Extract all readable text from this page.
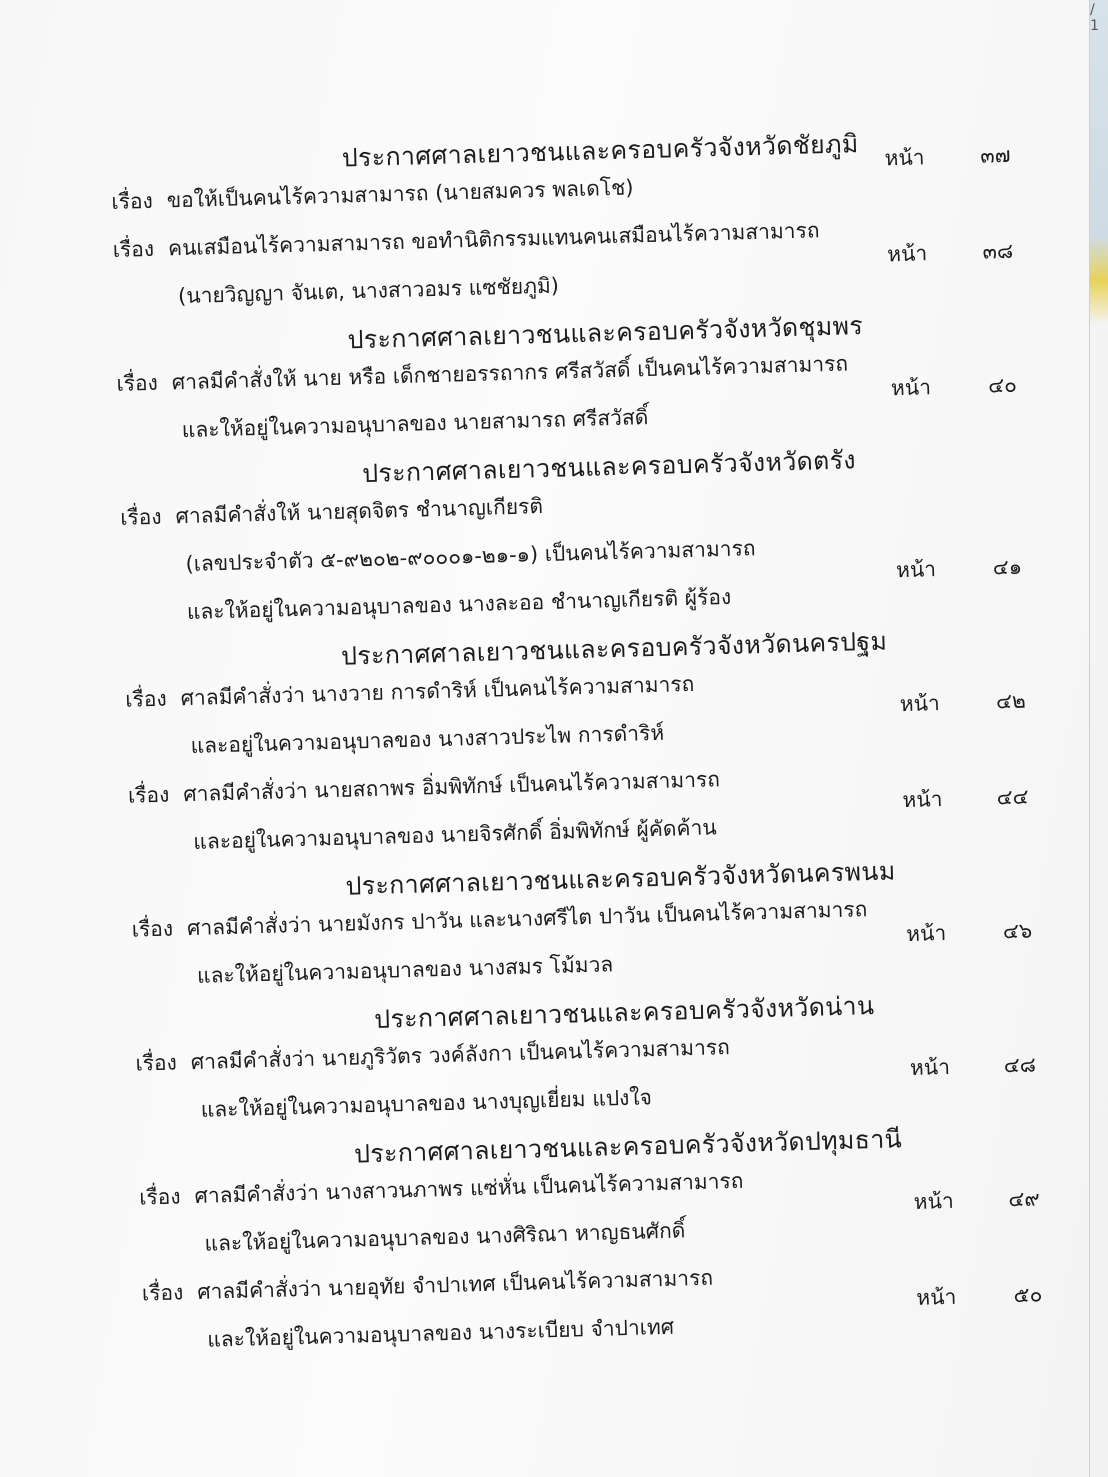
/ 1
ประกาศศาลเยาวชนและครอบครัวจังหวัดชัยภูมิ
เรื่อง ขอให้เป็นคนไร้ความสามารถ (นายสมควร พลเดโช)
หน้า	๓๗
เรื่อง คนเสมือนไร้ความสามารถ ขอทำนิติกรรมแทนคนเสมือนไร้ความสามารถ
(นายวิญญา จันเต, นางสาวอมร แซชัยภูมิ)
หน้า	๓๘
ประกาศศาลเยาวชนและครอบครัวจังหวัดชุมพร
เรื่อง ศาลมีคำสั่งให้ นาย หรือ เด็กชายอรรถากร ศรีสวัสดิ์ เป็นคนไร้ความสามารถ
และให้อยู่ในความอนุบาลของ นายสามารถ ศรีสวัสดิ์
หน้า	๔๐
ประกาศศาลเยาวชนและครอบครัวจังหวัดตรัง
เรื่อง ศาลมีคำสั่งให้ นายสุดจิตร ชำนาญเกียรติ
(เลขประจำตัว ๕-๙๒๐๒-๙๐๐๐๑-๒๑-๑) เป็นคนไร้ความสามารถ
และให้อยู่ในความอนุบาลของ นางละออ ชำนาญเกียรติ ผู้ร้อง
หน้า	๔๑
ประกาศศาลเยาวชนและครอบครัวจังหวัดนครปฐม
เรื่อง ศาลมีคำสั่งว่า นางวาย การดำริห์ เป็นคนไร้ความสามารถ
และอยู่ในความอนุบาลของ นางสาวประไพ การดำริห์
หน้า	๔๒
เรื่อง ศาลมีคำสั่งว่า นายสถาพร อิ่มพิทักษ์ เป็นคนไร้ความสามารถ
และอยู่ในความอนุบาลของ นายจิรศักดิ์ อิ่มพิทักษ์ ผู้คัดค้าน
หน้า	๔๔
ประกาศศาลเยาวชนและครอบครัวจังหวัดนครพนม
เรื่อง ศาลมีคำสั่งว่า นายมังกร ปาวัน และนางศรีไต ปาวัน เป็นคนไร้ความสามารถ
และให้อยู่ในความอนุบาลของ นางสมร โม้มวล
หน้า	๔๖
ประกาศศาลเยาวชนและครอบครัวจังหวัดน่าน
เรื่อง ศาลมีคำสั่งว่า นายภูริวัตร วงค์ลังกา เป็นคนไร้ความสามารถ
และให้อยู่ในความอนุบาลของ นางบุญเยี่ยม แปงใจ
หน้า	๔๘
ประกาศศาลเยาวชนและครอบครัวจังหวัดปทุมธานี
เรื่อง ศาลมีคำสั่งว่า นางสาวนภาพร แซ่หั่น เป็นคนไร้ความสามารถ
และให้อยู่ในความอนุบาลของ นางศิริณา หาญธนศักดิ์
หน้า	๔๙
เรื่อง ศาลมีคำสั่งว่า นายอุทัย จำปาเทศ เป็นคนไร้ความสามารถ
และให้อยู่ในความอนุบาลของ นางระเบียบ จำปาเทศ
หน้า	๕๐
